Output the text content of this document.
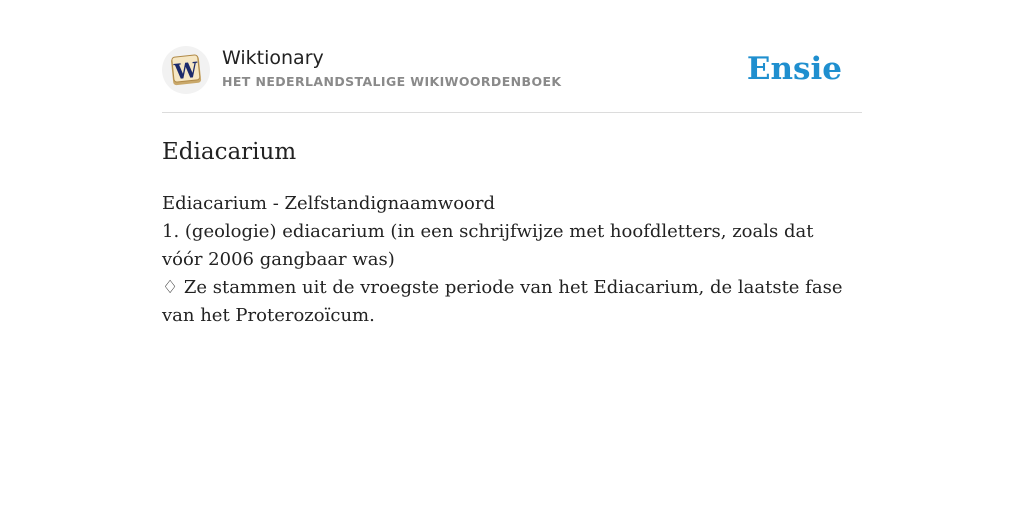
W Wiktionary
HET NEDERLANDSTALIGE WIKIWOORDENBOEK	Ensie
Ediacarium
Ediacarium - Zelfstandignaamwoord
1. (geologie) ediacarium (in een schrijfwijze met hoofdletters, zoals dat vóór 2006 gangbaar was)
♢ Ze stammen uit de vroegste periode van het Ediacarium, de laatste fase van het Proterozoïcum.
